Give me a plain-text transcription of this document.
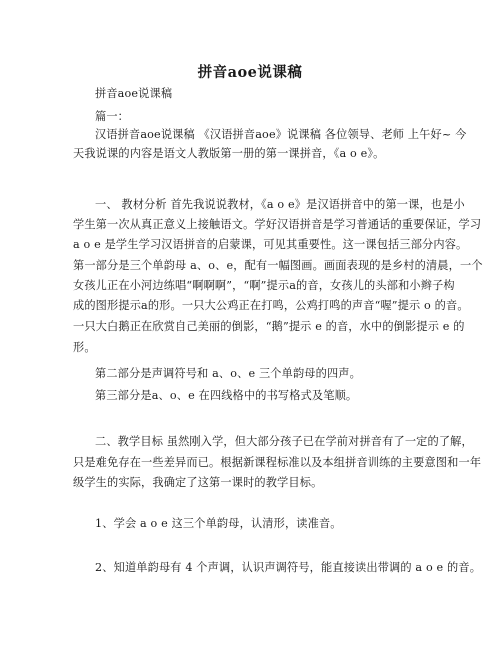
拼音aoe说课稿
拼音aoe说课稿
篇一：
汉语拼音aoe说课稿 《汉语拼音aoe》说课稿 各位领导、老师 上午好~ 今
天我说课的内容是语文人教版第一册的第一课拼音，《a o e》。
一、 教材分析 首先我说说教材，《a o e》是汉语拼音中的第一课，也是小
学生第一次从真正意义上接触语文。学好汉语拼音是学习普通话的重要保证，学习
a o e 是学生学习汉语拼音的启蒙课，可见其重要性。这一课包括三部分内容。
第一部分是三个单韵母 a、o、e，配有一幅图画。画面表现的是乡村的清晨，一个
女孩儿正在小河边练唱“啊啊啊”，“啊”提示a的音，女孩儿的头部和小辫子构
成的图形提示a的形。一只大公鸡正在打鸣，公鸡打鸣的声音“喔”提示 o 的音。
一只大白鹅正在欣赏自己美丽的倒影，“鹅”提示 e 的音，水中的倒影提示 e 的
形。
第二部分是声调符号和 a、o、e 三个单韵母的四声。
第三部分是a、o、e 在四线格中的书写格式及笔顺。
二、教学目标 虽然刚入学，但大部分孩子已在学前对拼音有了一定的了解，
只是难免存在一些差异而已。根据新课程标准以及本组拼音训练的主要意图和一年
级学生的实际，我确定了这第一课时的教学目标。
1、学会 a o e 这三个单韵母，认清形，读准音。
2、知道单韵母有 4 个声调，认识声调符号，能直接读出带调的 a o e 的音。
